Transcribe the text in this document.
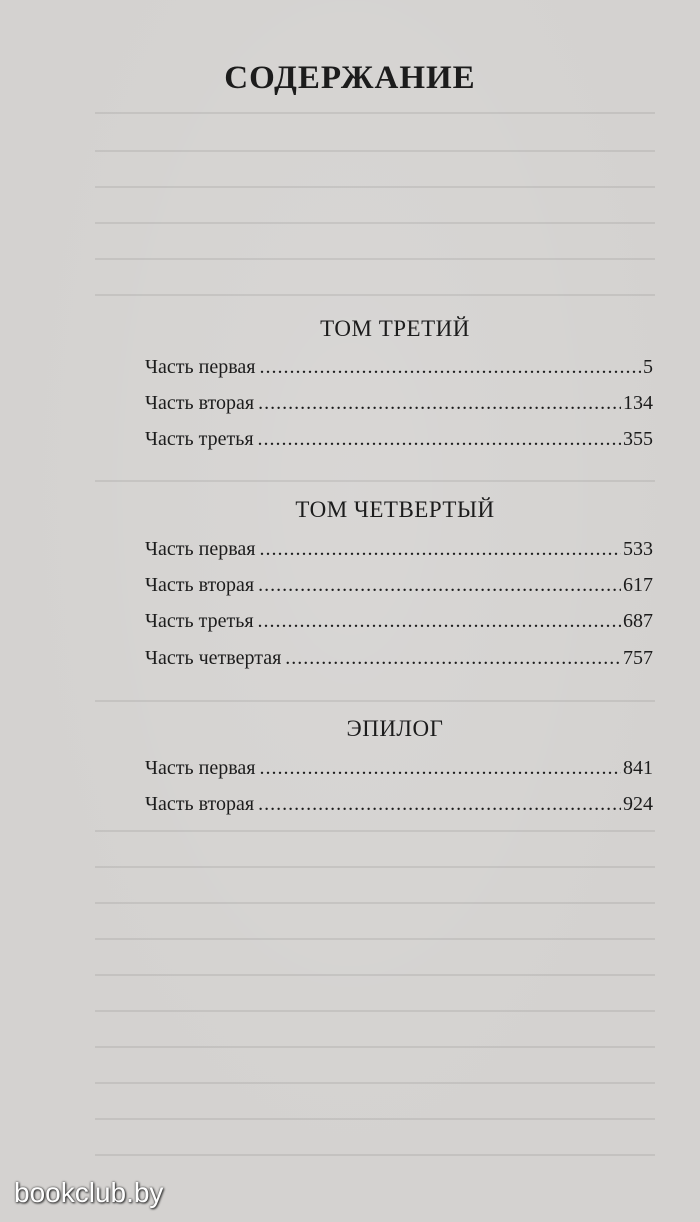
СОДЕРЖАНИЕ
ТОМ ТРЕТИЙ
Часть первая .....	5
Часть вторая .....	134
Часть третья .....	355
ТОМ ЧЕТВЕРТЫЙ
Часть первая .....	533
Часть вторая .....	617
Часть третья .....	687
Часть четвертая .....	757
ЭПИЛОГ
Часть первая .....	841
Часть вторая .....	924
bookclub.by
